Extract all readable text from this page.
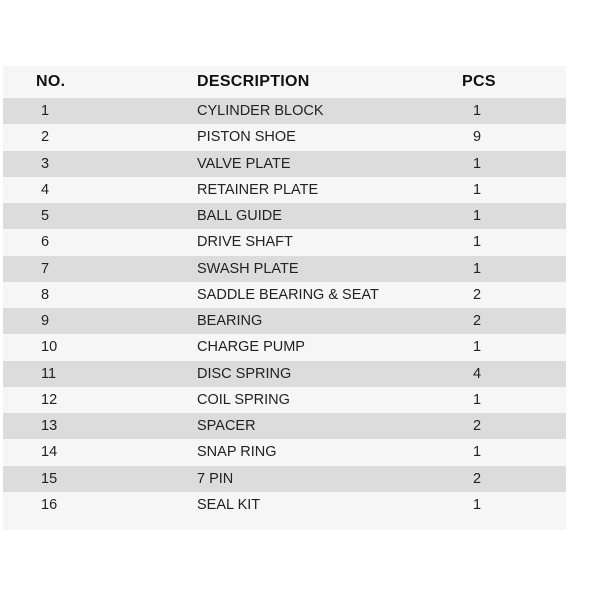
NO.	DESCRIPTION	PCS
1	CYLINDER BLOCK	1
2	PISTON SHOE	9
3	VALVE PLATE	1
4	RETAINER PLATE	1
5	BALL GUIDE	1
6	DRIVE SHAFT	1
7	SWASH PLATE	1
8	SADDLE BEARING & SEAT	2
9	BEARING	2
10	CHARGE PUMP	1
11	DISC SPRING	4
12	COIL SPRING	1
13	SPACER	2
14	SNAP RING	1
15	7 PIN	2
16	SEAL KIT	1
